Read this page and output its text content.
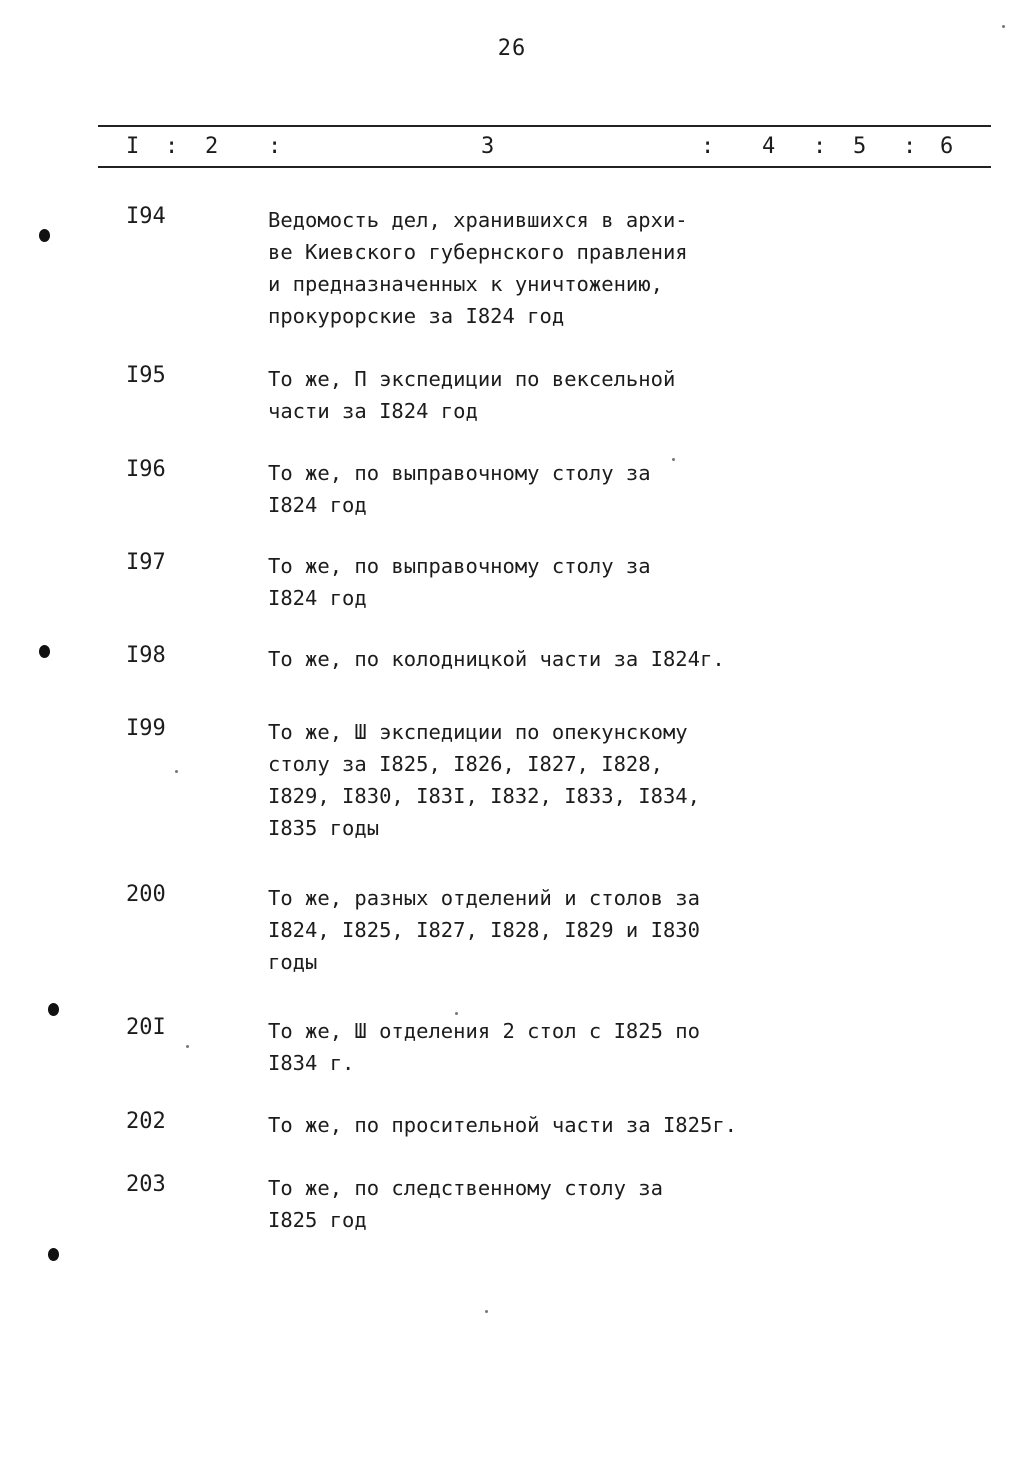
26
I : 2 :	3	: 4 : 5 : 6
I94	Ведомость дел, хранившихся в архи-
ве Киевского губернского правления
и предназначенных к уничтожению,
прокурорские за I824 год
I95	То же, П экспедиции по вексельной
части за I824 год
I96	То же, по выправочному столу за
I824 год
I97	То же, по выправочному столу за
I824 год
I98	То же, по колодницкой части за I824г.
I99	То же, Ш экспедиции по опекунскому
столу за I825, I826, I827, I828,
I829, I830, I83I, I832, I833, I834,
I835 годы
200	То же, разных отделений и столов за
I824, I825, I827, I828, I829 и I830
годы
20I	То же, Ш отделения 2 стол с I825 по
I834 г.
202	То же, по просительной части за I825г.
203	То же, по следственному столу за
I825 год
